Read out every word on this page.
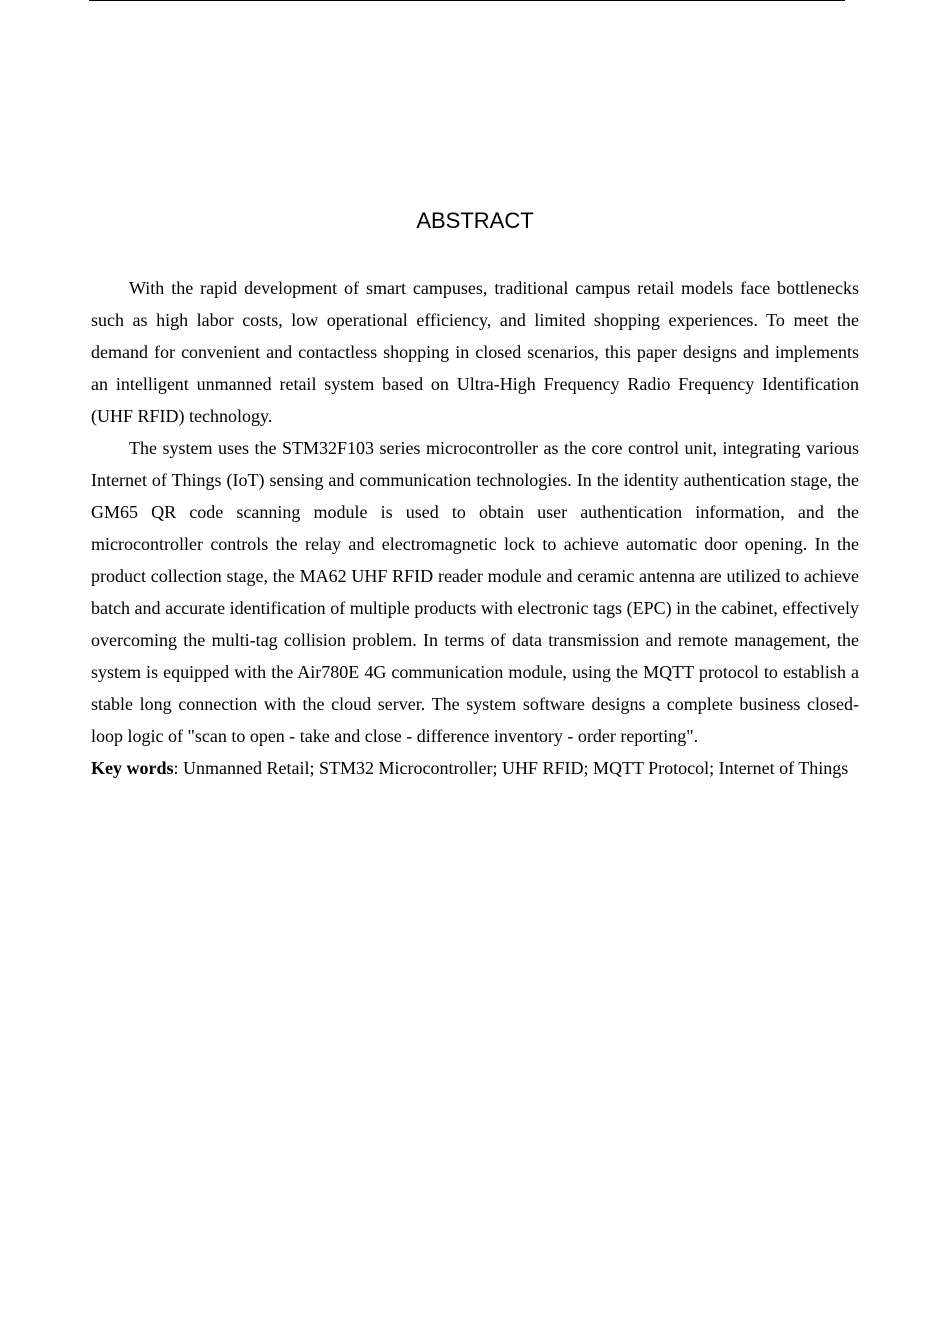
ABSTRACT

With the rapid development of smart campuses, traditional campus retail models face bottlenecks such as high labor costs, low operational efficiency, and limited shopping experiences. To meet the demand for convenient and contactless shopping in closed scenarios, this paper designs and implements an intelligent unmanned retail system based on Ultra-High Frequency Radio Frequency Identification (UHF RFID) technology.

The system uses the STM32F103 series microcontroller as the core control unit, integrating various Internet of Things (IoT) sensing and communication technologies. In the identity authentication stage, the GM65 QR code scanning module is used to obtain user authentication information, and the microcontroller controls the relay and electromagnetic lock to achieve automatic door opening. In the product collection stage, the MA62 UHF RFID reader module and ceramic antenna are utilized to achieve batch and accurate identification of multiple products with electronic tags (EPC) in the cabinet, effectively overcoming the multi-tag collision problem. In terms of data transmission and remote management, the system is equipped with the Air780E 4G communication module, using the MQTT protocol to establish a stable long connection with the cloud server. The system software designs a complete business closed-loop logic of "scan to open - take and close - difference inventory - order reporting".

Key words: Unmanned Retail; STM32 Microcontroller; UHF RFID; MQTT Protocol; Internet of Things
